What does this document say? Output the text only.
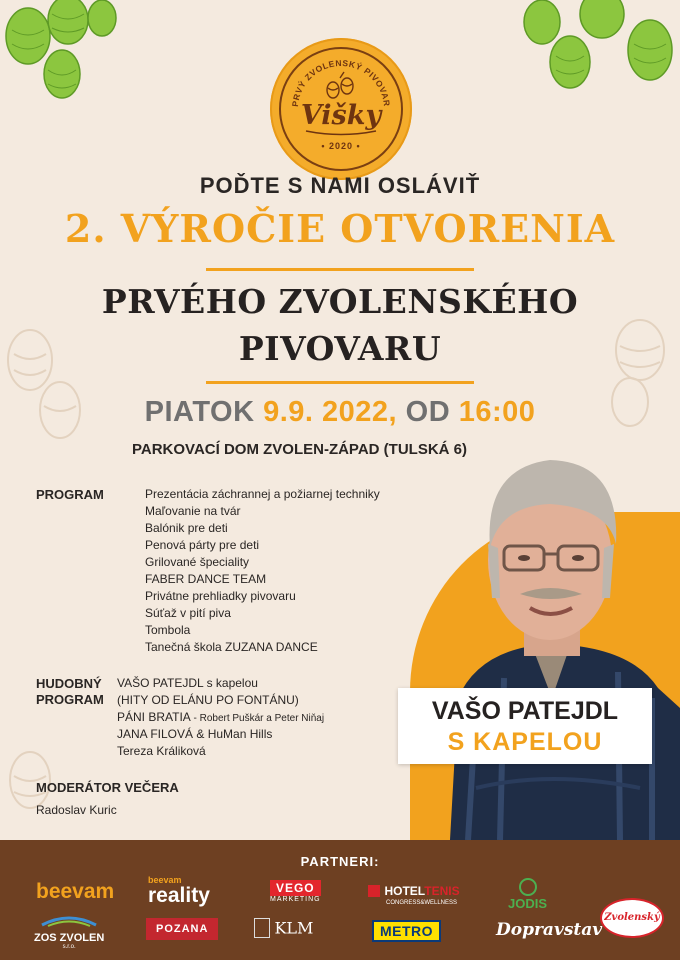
PRVÝ ZVOLENSKÝ PIVOVAR
Višky
• 2020 •
POĎTE S NAMI OSLÁVIŤ
2. VÝROČIE OTVORENIA
PRVÉHO ZVOLENSKÉHO
PIVOVARU
PIATOK 9.9. 2022, OD 16:00
PARKOVACÍ DOM ZVOLEN-ZÁPAD (TULSKÁ 6)
VAŠO PATEJDL
S KAPELOU
PROGRAM	Prezentácia záchrannej a požiarnej techniky
Maľovanie na tvár
Balónik pre deti
Penová párty pre deti
Grilované špeciality
FABER DANCE TEAM
Privátne prehliadky pivovaru
Súťaž v pití piva
Tombola
Tanečná škola ZUZANA DANCE
HUDOBNÝ
PROGRAM
VAŠO PATEJDL s kapelou
(HITY OD ELÁNU PO FONTÁNU)
PÁNI BRATIA - Robert Puškár a Peter Niňaj
JANA FILOVÁ & HuMan Hills
Tereza Králiková
MODERÁTOR VEČERA
Radoslav Kuric
PARTNERI:
beevam	beevam
reality	VEGO
MARKETING
HOTELTENIS
CONGRESS&WELLNESS	JODIS
Zvolenský
ZOS ZVOLEN
s.r.o.
POZANA	KLM	METRO	Dopravstav
